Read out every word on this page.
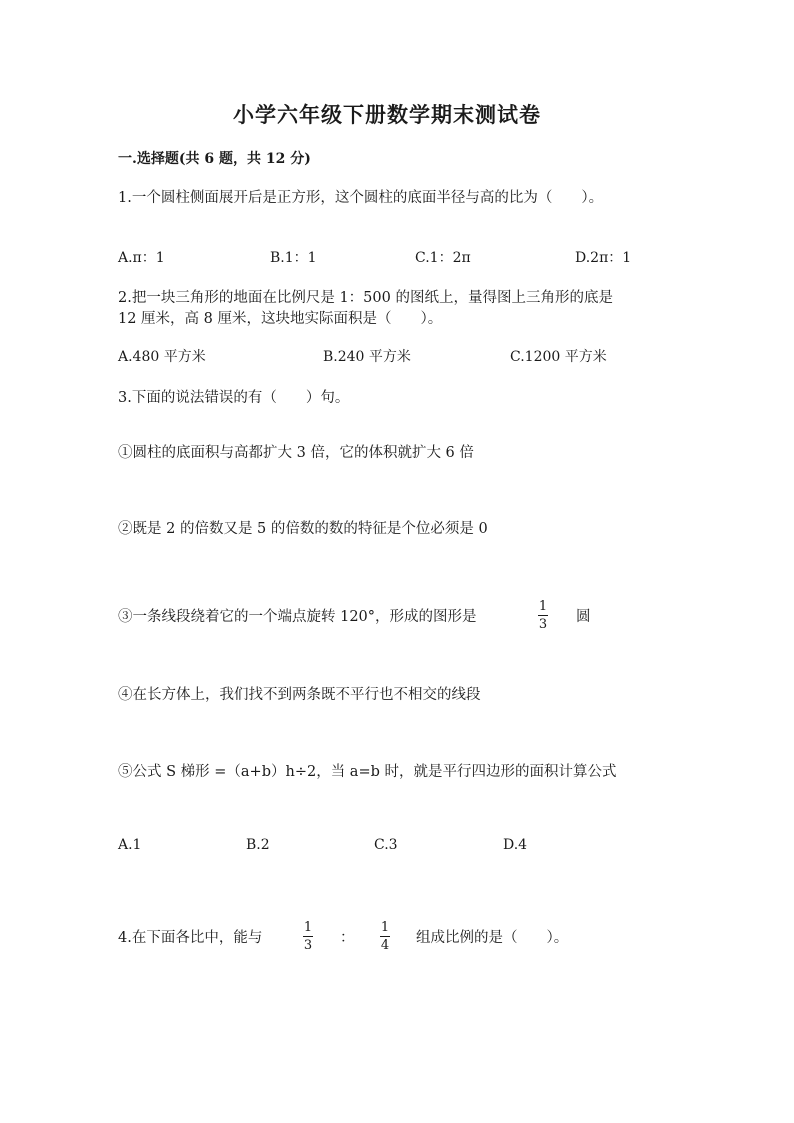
小学六年级下册数学期末测试卷
一.选择题(共 6 题，共 12 分)
1.一个圆柱侧面展开后是正方形，这个圆柱的底面半径与高的比为（　　）。
A.π：1	B.1：1	C.1：2π	D.2π：1
2.把一块三角形的地面在比例尺是 1：500 的图纸上，量得图上三角形的底是
12 厘米，高 8 厘米，这块地实际面积是（　　）。
A.480 平方米	B.240 平方米	C.1200 平方米
3.下面的说法错误的有（　　）句。
①圆柱的底面积与高都扩大 3 倍，它的体积就扩大 6 倍
②既是 2 的倍数又是 5 的倍数的数的特征是个位必须是 0
③一条线段绕着它的一个端点旋转 120°，形成的图形是
1
3 圆
④在长方体上，我们找不到两条既不平行也不相交的线段
⑤公式 S 梯形 =（a+b）h÷2，当 a=b 时，就是平行四边形的面积计算公式
A.1	B.2	C.3	D.4
4.在下面各比中，能与
1
3 ：
1
4 组成比例的是（　　）。
